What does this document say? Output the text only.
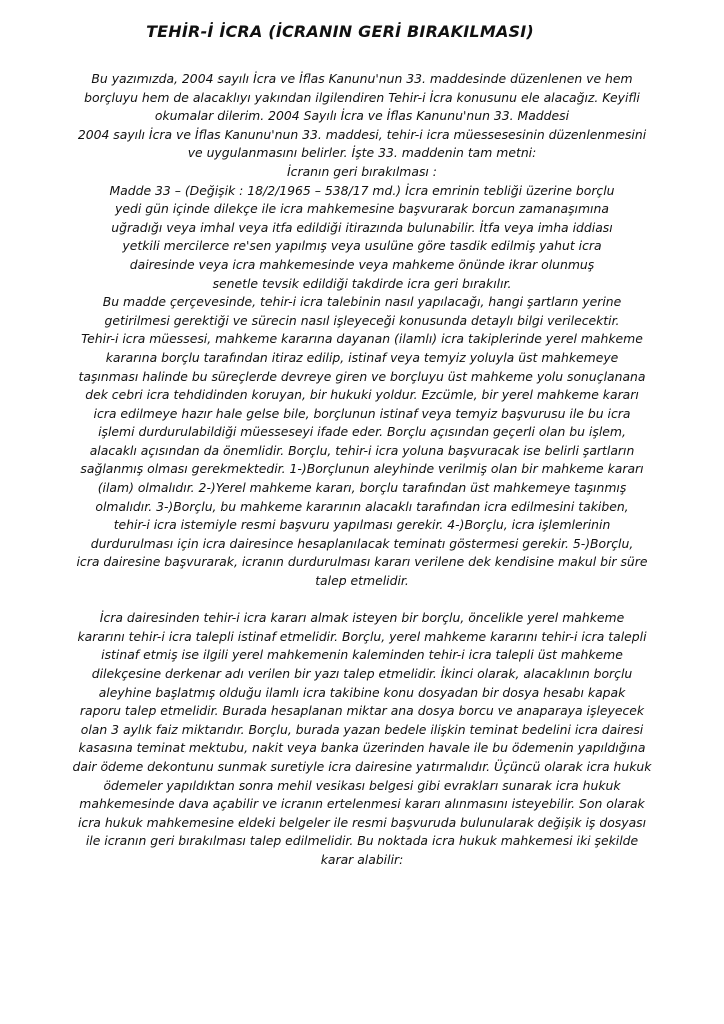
TEHİR-İ İCRA (İCRANIN GERİ BIRAKILMASI)
Bu yazımızda, 2004 sayılı İcra ve İflas Kanunu'nun 33. maddesinde düzenlenen ve hem
borçluyu hem de alacaklıyı yakından ilgilendiren Tehir-i İcra konusunu ele alacağız. Keyifli
okumalar dilerim. 2004 Sayılı İcra ve İflas Kanunu'nun 33. Maddesi
2004 sayılı İcra ve İflas Kanunu'nun 33. maddesi, tehir-i icra müessesesinin düzenlenmesini
ve uygulanmasını belirler. İşte 33. maddenin tam metni:
İcranın geri bırakılması :
Madde 33 – (Değişik : 18/2/1965 – 538/17 md.) İcra emrinin tebliği üzerine borçlu
yedi gün içinde dilekçe ile icra mahkemesine başvurarak borcun zamanaşımına
uğradığı veya imhal veya itfa edildiği itirazında bulunabilir. İtfa veya imha iddiası
yetkili mercilerce re'sen yapılmış veya usulüne göre tasdik edilmiş yahut icra
dairesinde veya icra mahkemesinde veya mahkeme önünde ikrar olunmuş
senetle tevsik edildiği takdirde icra geri bırakılır.
Bu madde çerçevesinde, tehir-i icra talebinin nasıl yapılacağı, hangi şartların yerine
getirilmesi gerektiği ve sürecin nasıl işleyeceği konusunda detaylı bilgi verilecektir.
Tehir-i icra müessesi, mahkeme kararına dayanan (ilamlı) icra takiplerinde yerel mahkeme
kararına borçlu tarafından itiraz edilip, istinaf veya temyiz yoluyla üst mahkemeye
taşınması halinde bu süreçlerde devreye giren ve borçluyu üst mahkeme yolu sonuçlanana
dek cebri icra tehdidinden koruyan, bir hukuki yoldur. Ezcümle, bir yerel mahkeme kararı
icra edilmeye hazır hale gelse bile, borçlunun istinaf veya temyiz başvurusu ile bu icra
işlemi durdurulabildiği müesseseyi ifade eder. Borçlu açısından geçerli olan bu işlem,
alacaklı açısından da önemlidir. Borçlu, tehir-i icra yoluna başvuracak ise belirli şartların
sağlanmış olması gerekmektedir. 1-)Borçlunun aleyhinde verilmiş olan bir mahkeme kararı
(ilam) olmalıdır. 2-)Yerel mahkeme kararı, borçlu tarafından üst mahkemeye taşınmış
olmalıdır. 3-)Borçlu, bu mahkeme kararının alacaklı tarafından icra edilmesini takiben,
tehir-i icra istemiyle resmi başvuru yapılması gerekir. 4-)Borçlu, icra işlemlerinin
durdurulması için icra dairesince hesaplanılacak teminatı göstermesi gerekir. 5-)Borçlu,
icra dairesine başvurarak, icranın durdurulması kararı verilene dek kendisine makul bir süre
talep etmelidir.
İcra dairesinden tehir-i icra kararı almak isteyen bir borçlu, öncelikle yerel mahkeme
kararını tehir-i icra talepli istinaf etmelidir. Borçlu, yerel mahkeme kararını tehir-i icra talepli
istinaf etmiş ise ilgili yerel mahkemenin kaleminden tehir-i icra talepli üst mahkeme
dilekçesine derkenar adı verilen bir yazı talep etmelidir. İkinci olarak, alacaklının borçlu
aleyhine başlatmış olduğu ilamlı icra takibine konu dosyadan bir dosya hesabı kapak
raporu talep etmelidir. Burada hesaplanan miktar ana dosya borcu ve anaparaya işleyecek
olan 3 aylık faiz miktarıdır. Borçlu, burada yazan bedele ilişkin teminat bedelini icra dairesi
kasasına teminat mektubu, nakit veya banka üzerinden havale ile bu ödemenin yapıldığına
dair ödeme dekontunu sunmak suretiyle icra dairesine yatırmalıdır. Üçüncü olarak icra hukuk
ödemeler yapıldıktan sonra mehil vesikası belgesi gibi evrakları sunarak icra hukuk
mahkemesinde dava açabilir ve icranın ertelenmesi kararı alınmasını isteyebilir. Son olarak
icra hukuk mahkemesine eldeki belgeler ile resmi başvuruda bulunularak değişik iş dosyası
ile icranın geri bırakılması talep edilmelidir. Bu noktada icra hukuk mahkemesi iki şekilde
karar alabilir:
